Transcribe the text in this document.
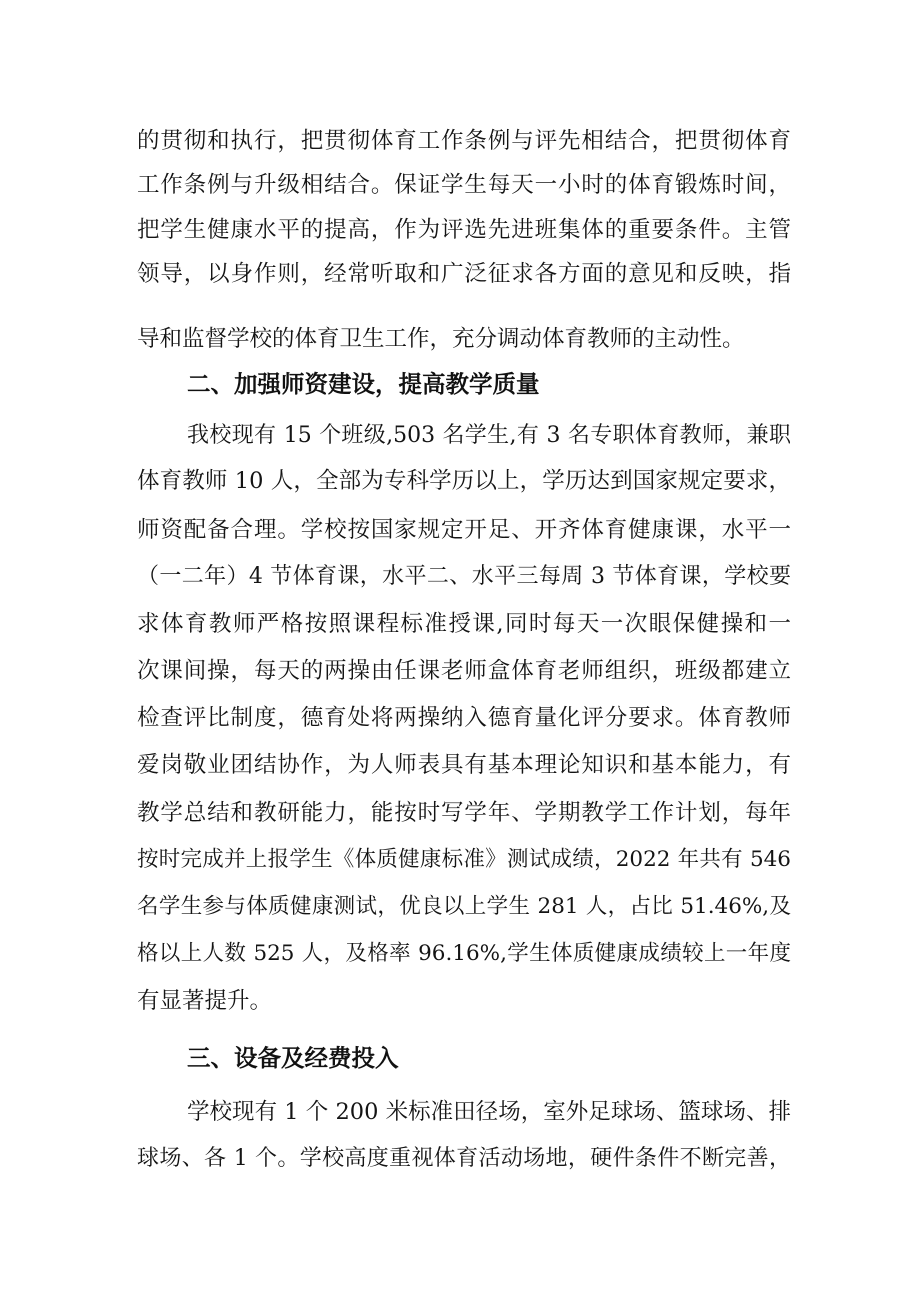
的贯彻和执行，把贯彻体育工作条例与评先相结合，把贯彻体育
工作条例与升级相结合。保证学生每天一小时的体育锻炼时间，
把学生健康水平的提高，作为评选先进班集体的重要条件。主管
领导，以身作则，经常听取和广泛征求各方面的意见和反映，指
导和监督学校的体育卫生工作，充分调动体育教师的主动性。
二、加强师资建设，提高教学质量
我校现有 15 个班级,503 名学生,有 3 名专职体育教师，兼职
体育教师 10 人，全部为专科学历以上，学历达到国家规定要求，
师资配备合理。学校按国家规定开足、开齐体育健康课，水平一
（一二年）4 节体育课，水平二、水平三每周 3 节体育课，学校要
求体育教师严格按照课程标准授课,同时每天一次眼保健操和一
次课间操，每天的两操由任课老师盒体育老师组织，班级都建立
检查评比制度，德育处将两操纳入德育量化评分要求。体育教师
爱岗敬业团结协作，为人师表具有基本理论知识和基本能力，有
教学总结和教研能力，能按时写学年、学期教学工作计划，每年
按时完成并上报学生《体质健康标准》测试成绩，2022 年共有 546
名学生参与体质健康测试，优良以上学生 281 人，占比 51.46%,及
格以上人数 525 人，及格率 96.16%,学生体质健康成绩较上一年度
有显著提升。
三、设备及经费投入
学校现有 1 个 200 米标准田径场，室外足球场、篮球场、排
球场、各 1 个。学校高度重视体育活动场地，硬件条件不断完善，
